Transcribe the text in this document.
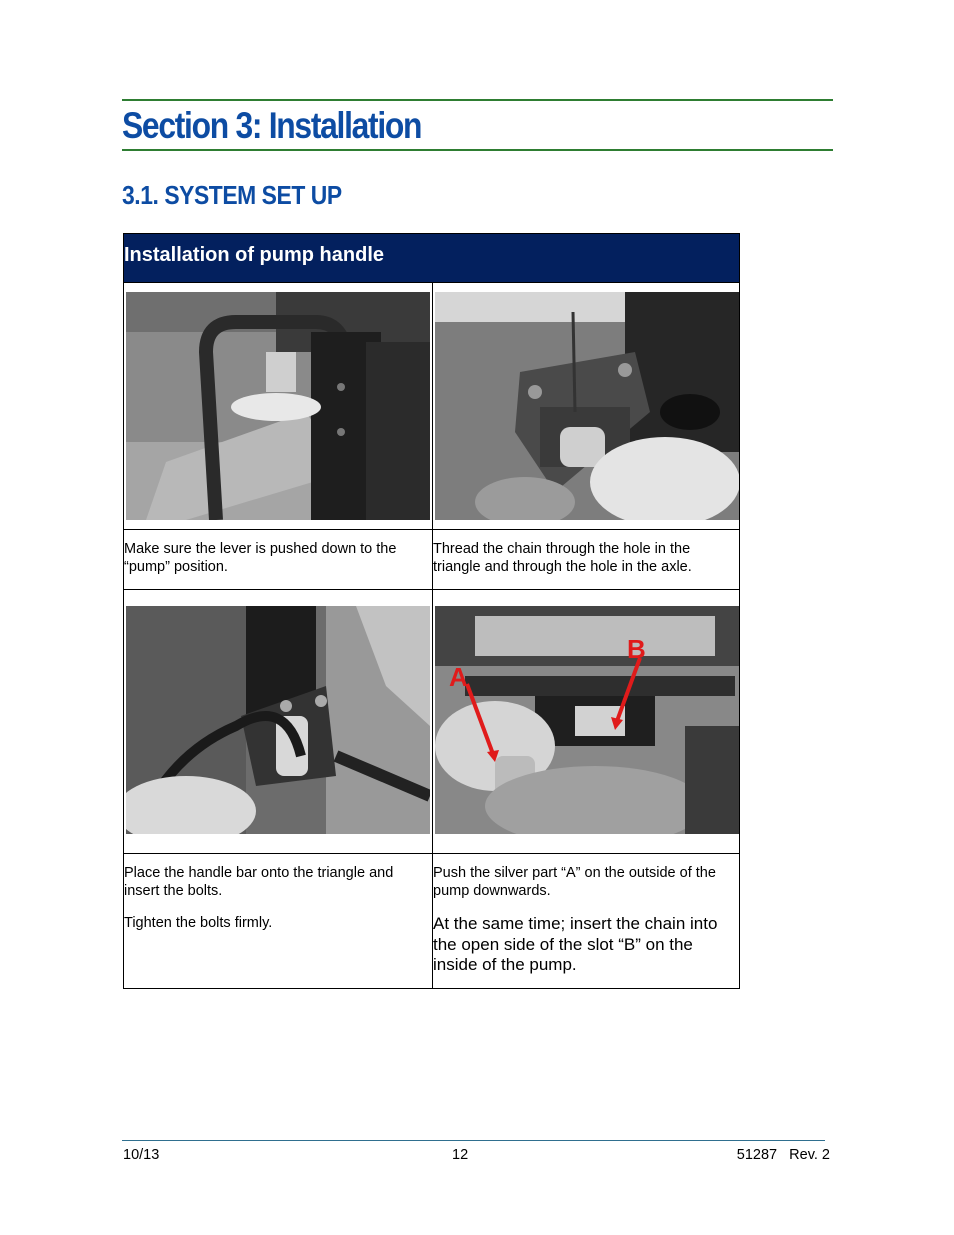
Section 3: Installation
3.1. SYSTEM SET UP
Installation of pump handle

Make sure the lever is pushed down to the “pump” position.

Thread the chain through the hole in the triangle and through the hole in the axle.

A
B

Place the handle bar onto the triangle and insert the bolts.

Tighten the bolts firmly.

Push the silver part “A” on the outside of the pump downwards.

At the same time; insert the chain into the open side of the slot “B” on the inside of the pump.

10/13	12	51287   Rev. 2
